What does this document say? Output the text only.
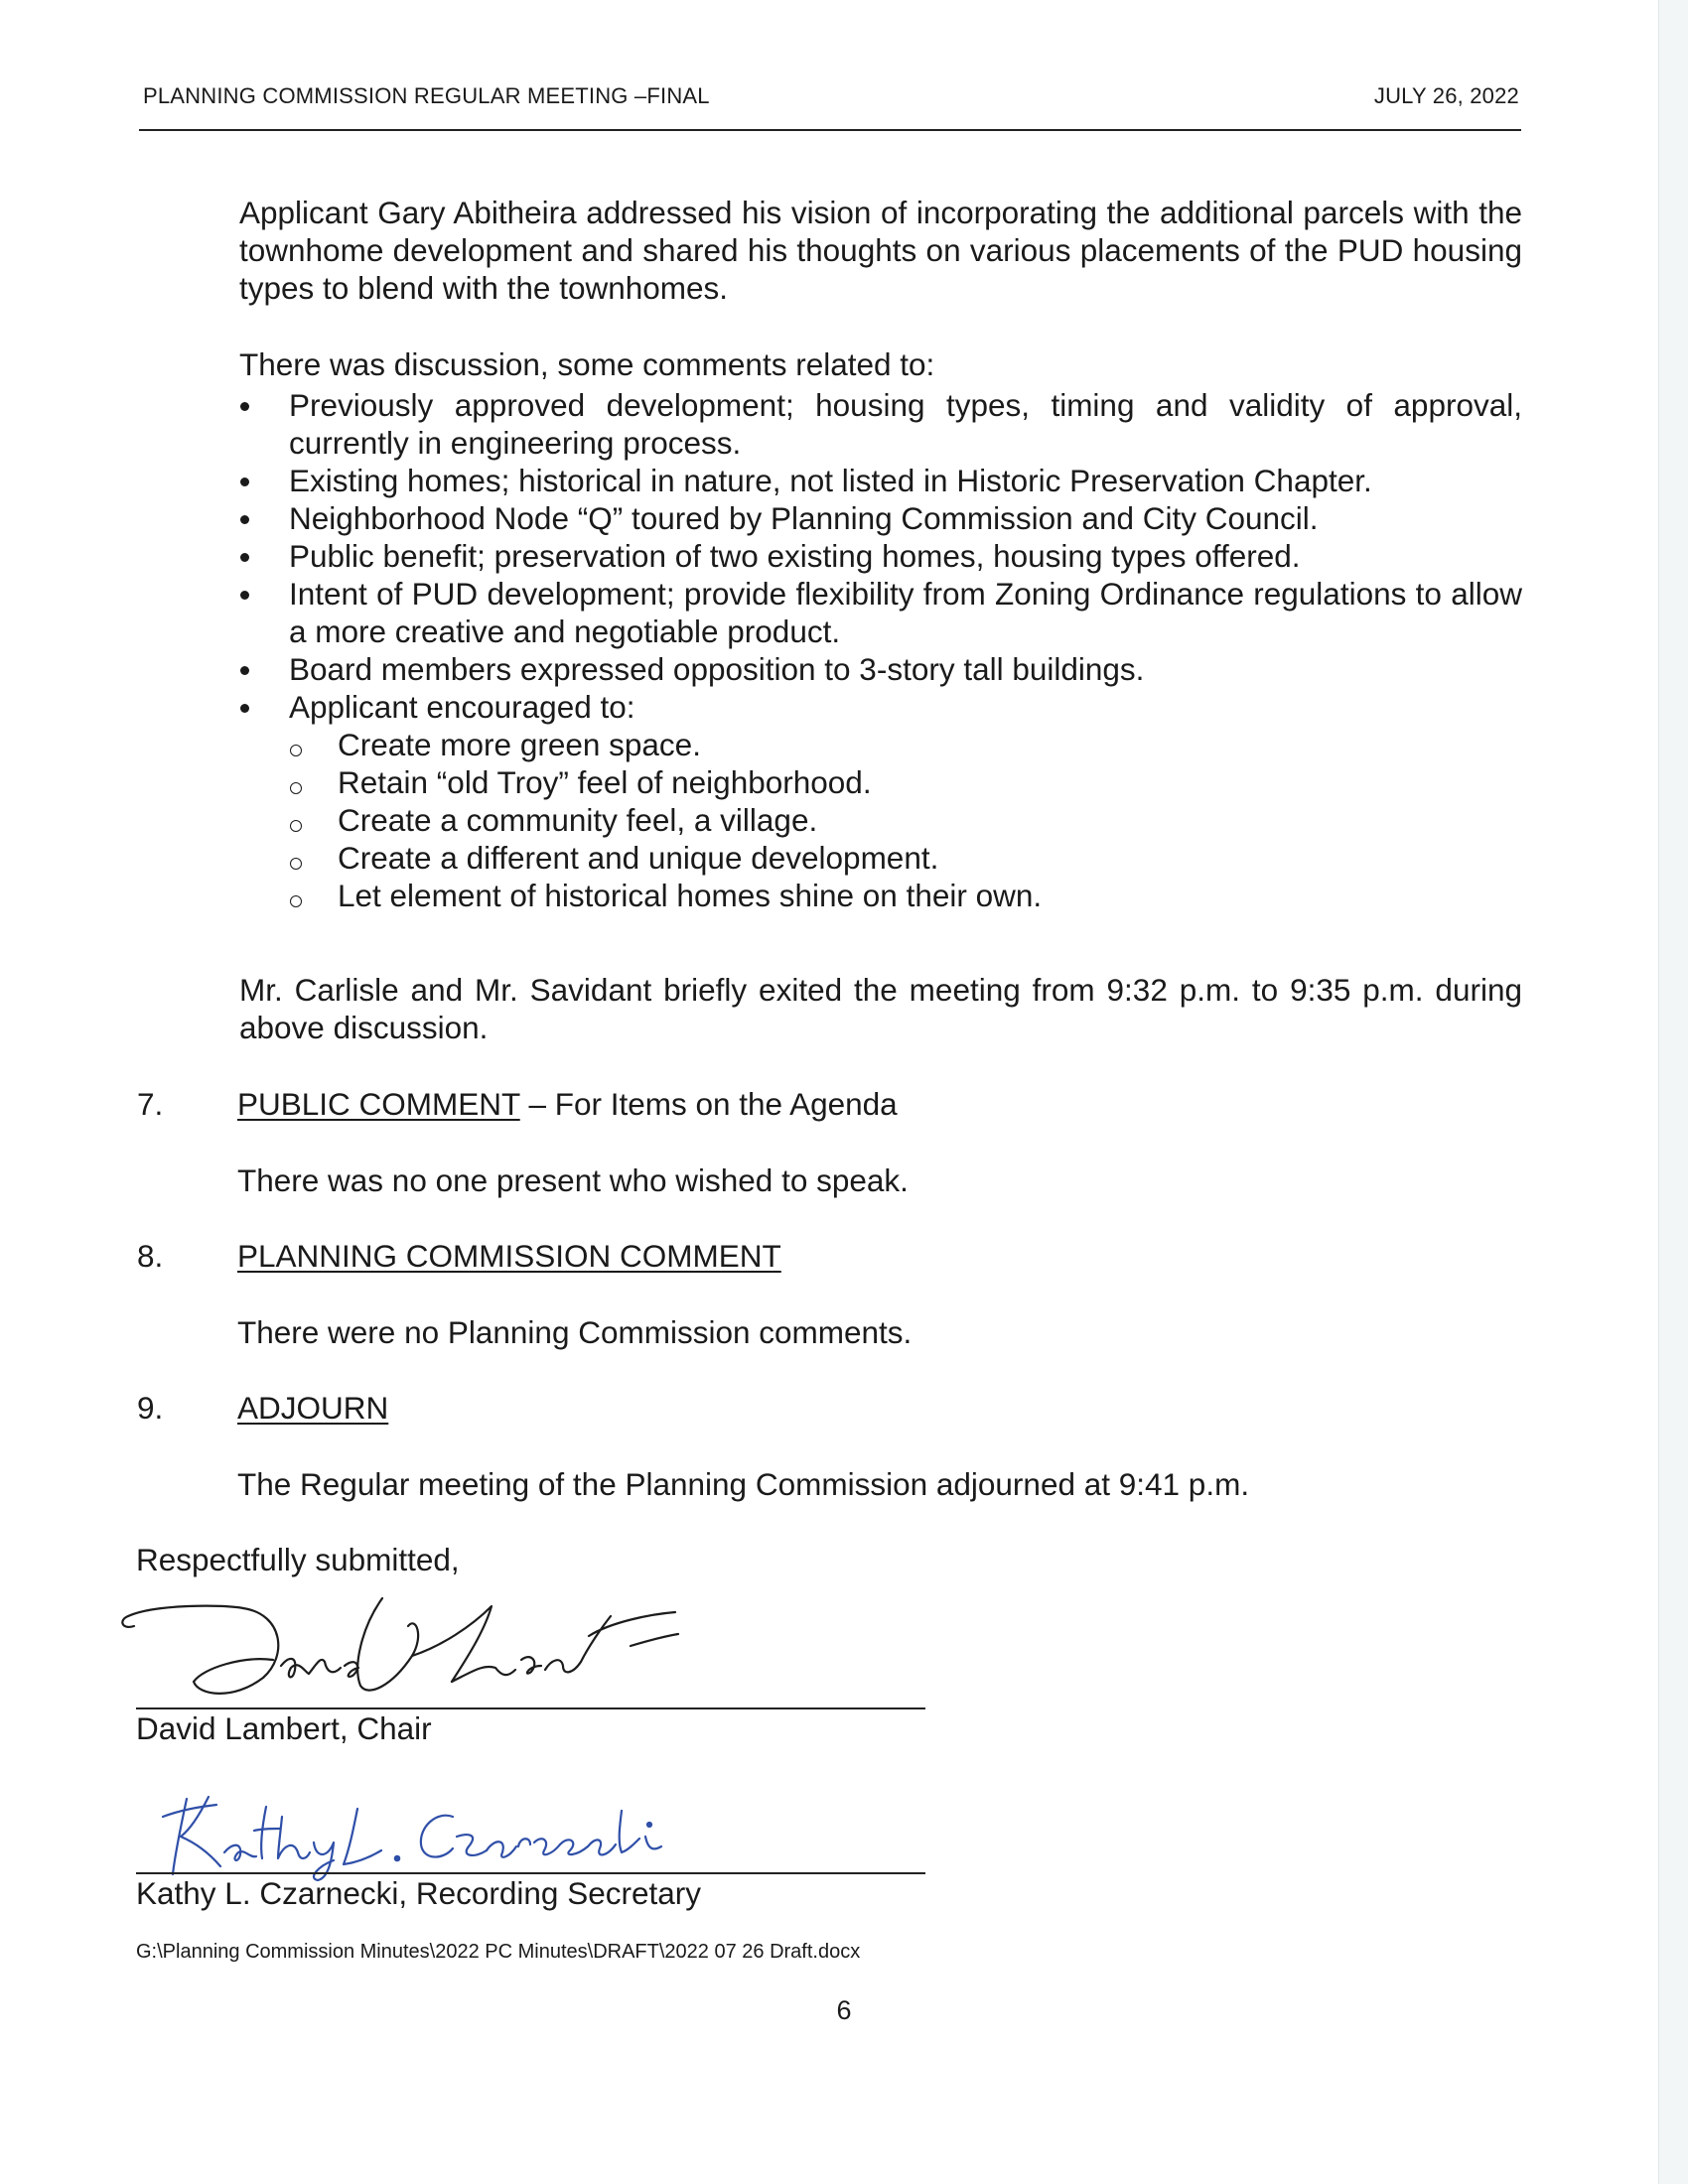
PLANNING COMMISSION REGULAR MEETING –FINAL	JULY 26, 2022
Applicant Gary Abitheira addressed his vision of incorporating the additional parcels with the townhome development and shared his thoughts on various placements of the PUD housing types to blend with the townhomes.
There was discussion, some comments related to:
Previously approved development; housing types, timing and validity of approval, currently in engineering process.
Existing homes; historical in nature, not listed in Historic Preservation Chapter.
Neighborhood Node “Q” toured by Planning Commission and City Council.
Public benefit; preservation of two existing homes, housing types offered.
Intent of PUD development; provide flexibility from Zoning Ordinance regulations to allow a more creative and negotiable product.
Board members expressed opposition to 3-story tall buildings.
Applicant encouraged to:
Create more green space.
Retain “old Troy” feel of neighborhood.
Create a community feel, a village.
Create a different and unique development.
Let element of historical homes shine on their own.
Mr. Carlisle and Mr. Savidant briefly exited the meeting from 9:32 p.m. to 9:35 p.m. during above discussion.
7. PUBLIC COMMENT – For Items on the Agenda
There was no one present who wished to speak.
8. PLANNING COMMISSION COMMENT
There were no Planning Commission comments.
9. ADJOURN
The Regular meeting of the Planning Commission adjourned at 9:41 p.m.
Respectfully submitted,
David Lambert, Chair
Kathy L. Czarnecki, Recording Secretary
G:\Planning Commission Minutes\2022 PC Minutes\DRAFT\2022 07 26 Draft.docx
6
